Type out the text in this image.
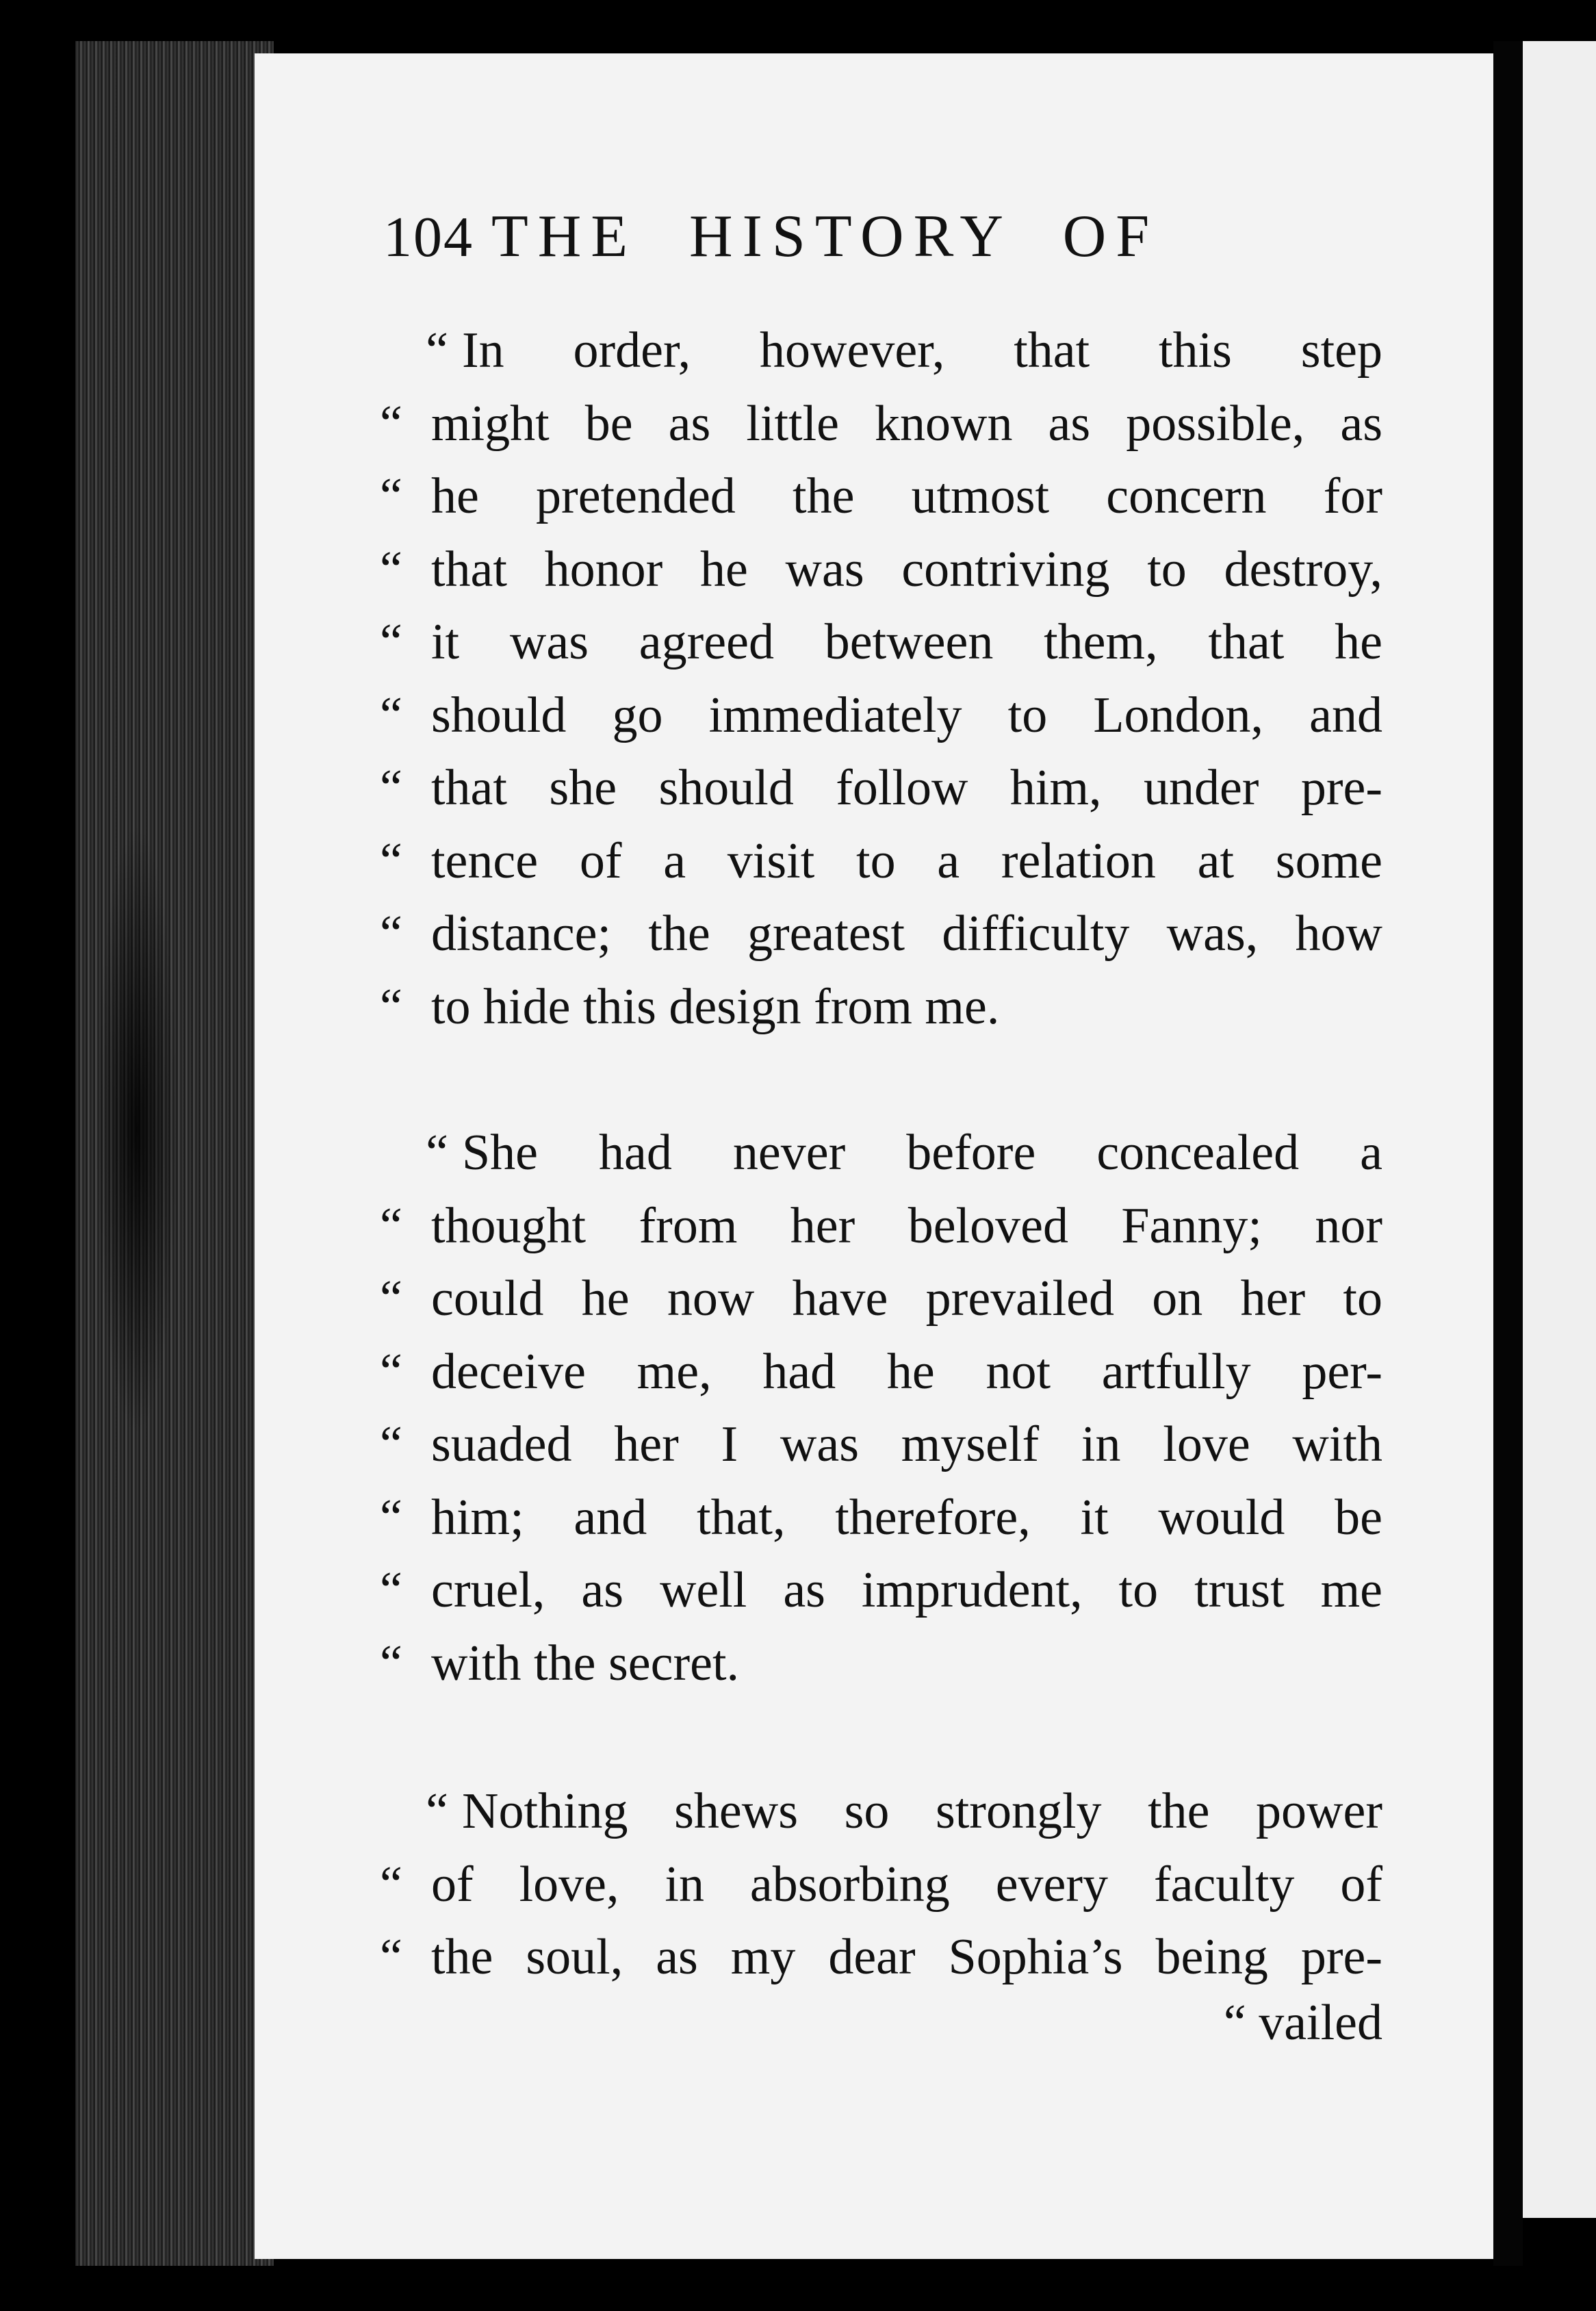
104 THE HISTORY OF
“ In order, however, that this step
“ might be as little known as possible, as
“ he pretended the utmost concern for
“ that honor he was contriving to destroy,
“ it was agreed between them, that he
“ should go immediately to London, and
“ that she should follow him, under pre-
“ tence of a visit to a relation at some
“ distance; the greatest difficulty was, how
“ to hide this design from me.
“ She had never before concealed a
“ thought from her beloved Fanny; nor
“ could he now have prevailed on her to
“ deceive me, had he not artfully per-
“ suaded her I was myself in love with
“ him; and that, therefore, it would be
“ cruel, as well as imprudent, to trust me
“ with the secret.
“ Nothing shews so strongly the power
“ of love, in absorbing every faculty of
“ the soul, as my dear Sophia’s being pre-
“ vailed
